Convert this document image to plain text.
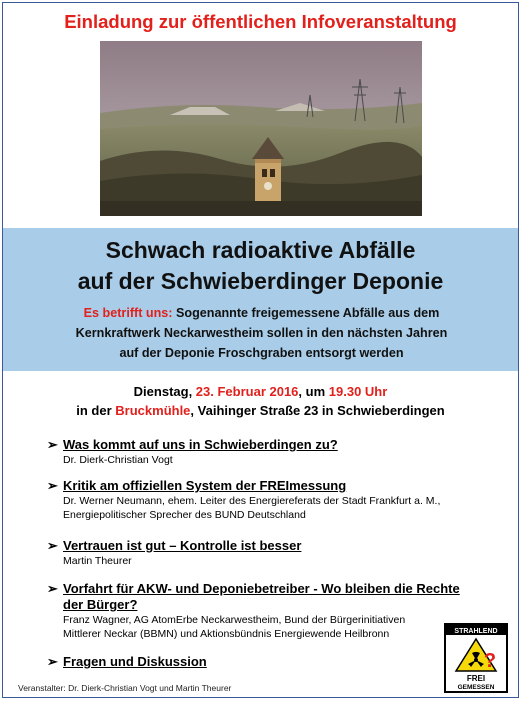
Einladung zur öffentlichen Infoveranstaltung
Schwach radioaktive Abfälle
auf der Schwieberdinger Deponie
Es betrifft uns: Sogenannte freigemessene Abfälle aus dem
Kernkraftwerk Neckarwestheim sollen in den nächsten Jahren
auf der Deponie Froschgraben entsorgt werden
Dienstag, 23. Februar 2016, um 19.30 Uhr
in der Bruckmühle, Vaihinger Straße 23 in Schwieberdingen
➢ Was kommt auf uns in Schwieberdingen zu?
Dr. Dierk-Christian Vogt
➢ Kritik am offiziellen System der FREImessung
Dr. Werner Neumann, ehem. Leiter des Energiereferats der Stadt Frankfurt a. M.,
Energiepolitischer Sprecher des BUND Deutschland
➢ Vertrauen ist gut – Kontrolle ist besser
Martin Theurer
➢ Vorfahrt für AKW- und Deponiebetreiber - Wo bleiben die Rechte
der Bürger?
Franz Wagner, AG AtomErbe Neckarwestheim, Bund der Bürgerinitiativen
Mittlerer Neckar (BBMN) und Aktionsbündnis Energiewende Heilbronn
➢ Fragen und Diskussion
Veranstalter: Dr. Dierk-Christian Vogt und Martin Theurer
STRAHLEND
?
FREI
GEMESSEN
